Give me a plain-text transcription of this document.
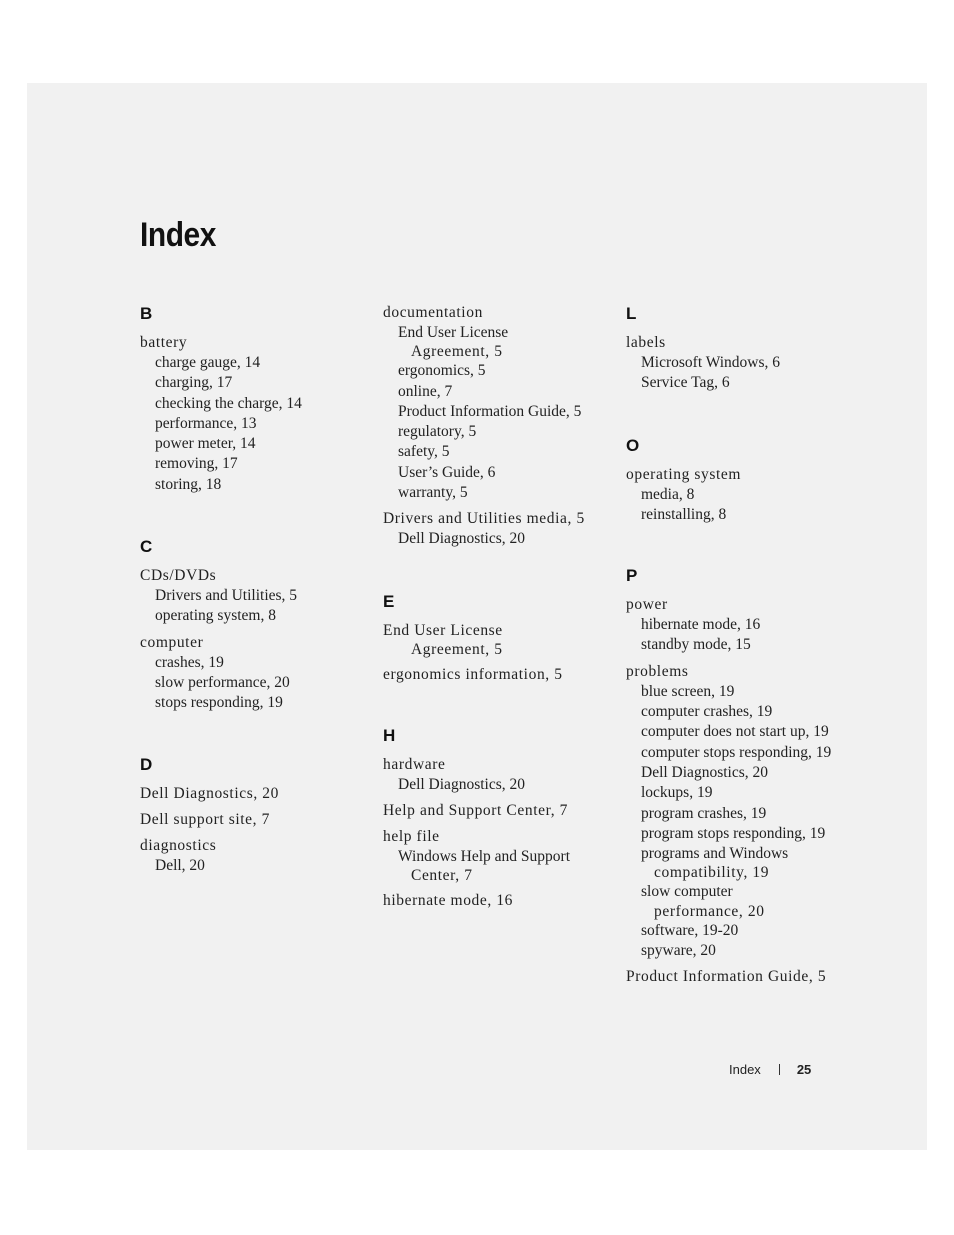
Index
B
battery
charge gauge, 14
charging, 17
checking the charge, 14
performance, 13
power meter, 14
removing, 17
storing, 18
C
CDs/DVDs
Drivers and Utilities, 5
operating system, 8
computer
crashes, 19
slow performance, 20
stops responding, 19
D
Dell Diagnostics, 20
Dell support site, 7
diagnostics
Dell, 20
documentation
End User License
Agreement, 5
ergonomics, 5
online, 7
Product Information Guide, 5
regulatory, 5
safety, 5
User’s Guide, 6
warranty, 5
Drivers and Utilities media, 5
Dell Diagnostics, 20
E
End User License
Agreement, 5
ergonomics information, 5
H
hardware
Dell Diagnostics, 20
Help and Support Center, 7
help file
Windows Help and Support
Center, 7
hibernate mode, 16
L
labels
Microsoft Windows, 6
Service Tag, 6
O
operating system
media, 8
reinstalling, 8
P
power
hibernate mode, 16
standby mode, 15
problems
blue screen, 19
computer crashes, 19
computer does not start up, 19
computer stops responding, 19
Dell Diagnostics, 20
lockups, 19
program crashes, 19
program stops responding, 19
programs and Windows
compatibility, 19
slow computer
performance, 20
software, 19-20
spyware, 20
Product Information Guide, 5
Index	25
